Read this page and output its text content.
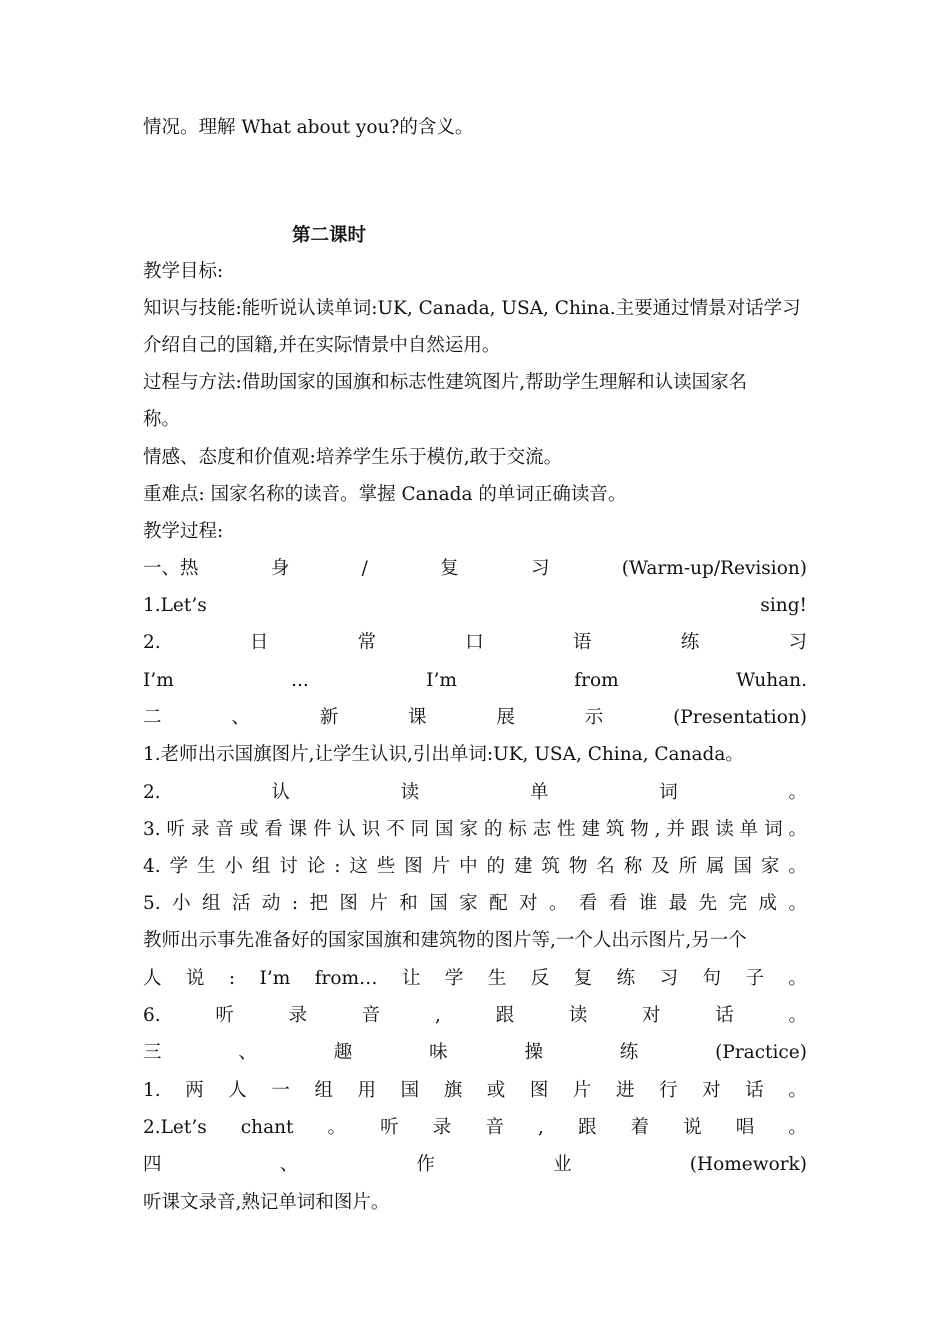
情况。理解 What about you?的含义。
第二课时
教学目标:
知识与技能:能听说认读单词:UK, Canada, USA, China.主要通过情景对话学习
介绍自己的国籍,并在实际情景中自然运用。
过程与方法:借助国家的国旗和标志性建筑图片,帮助学生理解和认读国家名
称。
情感、态度和价值观:培养学生乐于模仿,敢于交流。
重难点: 国家名称的读音。掌握 Canada 的单词正确读音。
教学过程:
一、热	身	/	复	习	(Warm-up/Revision)
1.Let’s	sing!
2.	日	常	口	语	练	习
I’m	...	I’m	from	Wuhan.
二	、	新	课	展	示	(Presentation)
1.老师出示国旗图片,让学生认识,引出单词:UK, USA, China, Canada。
2.	认	读	单	词	。
3. 听 录 音 或 看 课 件 认 识 不 同 国 家 的 标 志 性 建 筑 物 , 并 跟 读 单 词 。
4. 学 生 小 组 讨 论 : 这 些 图 片 中 的 建 筑 物 名 称 及 所 属 国 家 。
5. 小 组 活 动 : 把 图 片 和 国 家 配 对 。 看 看 谁 最 先 完 成 。
教师出示事先准备好的国家国旗和建筑物的图片等,一个人出示图片,另一个
人 说 : I’m from… 让 学 生 反 复 练 习 句 子 。
6.	听	录	音	,	跟	读	对	话	。
三	、	趣	味	操	练	(Practice)
1. 两 人 一 组 用 国 旗 或 图 片 进 行 对 话 。
2.Let’s chant 。 听 录 音 , 跟 着 说 唱 。
四	、	作	业	(Homework)
听课文录音,熟记单词和图片。
